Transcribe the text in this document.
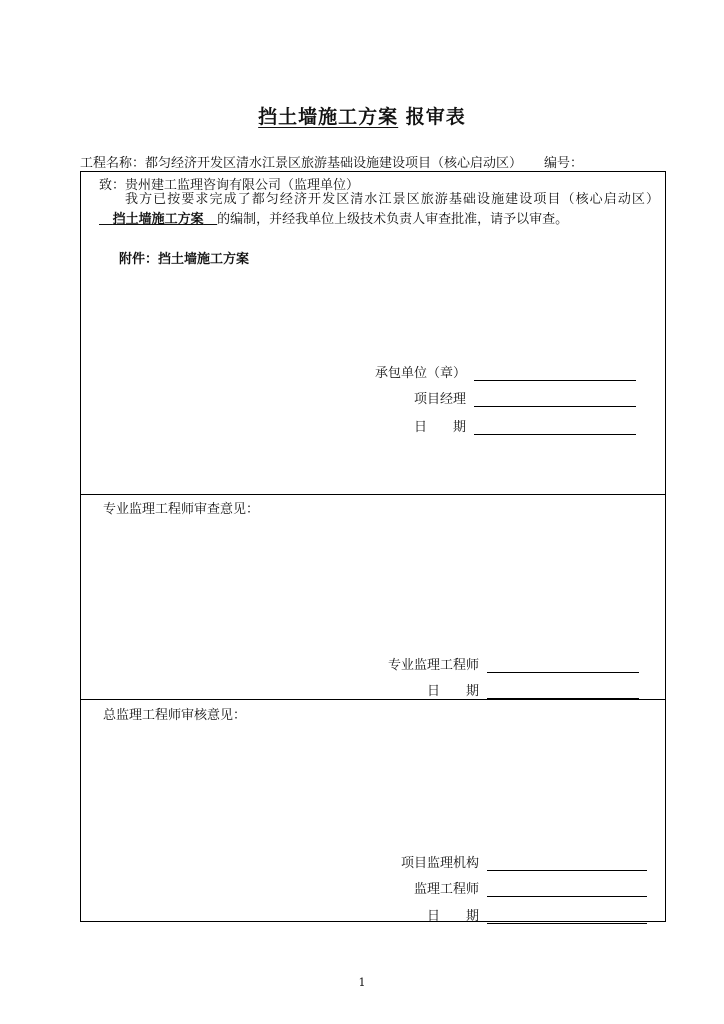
挡土墙施工方案 报审表
工程名称：都匀经济开发区清水江景区旅游基础设施建设项目（核心启动区） 编号：
致：贵州建工监理咨询有限公司（监理单位）
我方已按要求完成了都匀经济开发区清水江景区旅游基础设施建设项目（核心启动区）   挡土墙施工方案 的编制，并经我单位上级技术负责人审查批准，请予以审查。
附件：挡土墙施工方案
承包单位（章）
项目经理
日　　期
专业监理工程师审查意见：
专业监理工程师
日　　期
总监理工程师审核意见：
项目监理机构
监理工程师
日　　期
1
